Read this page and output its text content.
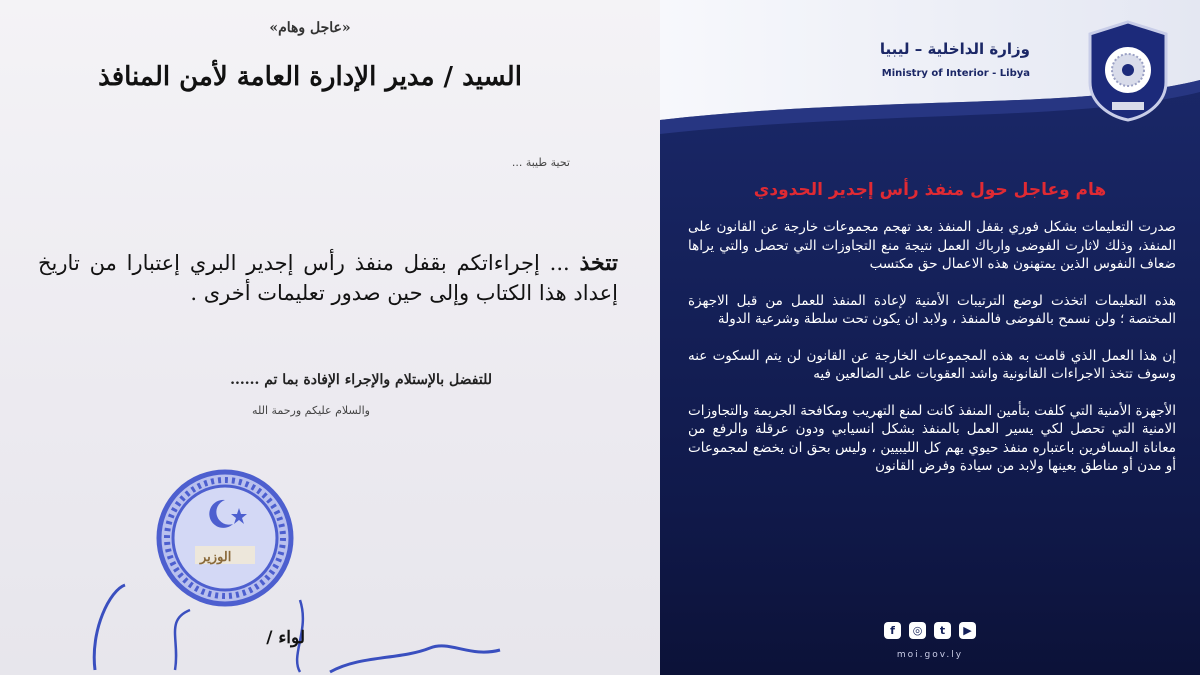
«عاجل وهام»
السيد / مدير الإدارة العامة لأمن المنافذ
تحية طيبة ...
تتخذ ... إجراءاتكم بقفل منفذ رأس إجدير البري إعتبارا من تاريخ إعداد هذا الكتاب وإلى حين صدور تعليمات أخرى .
للتفضل بالإستلام والإجراء الإفادة بما تم ......
والسلام عليكم ورحمة الله
الوزير
لواء /
وزارة الداخلية – ليبيا
Ministry of Interior - Libya
هام وعاجل حول منفذ رأس إجدير الحدودي

صدرت التعليمات بشكل فوري بقفل المنفذ بعد تهجم مجموعات خارجة عن القانون على المنفذ، وذلك لاثارت الفوضى وارباك العمل نتيجة منع التجاوزات التي تحصل والتي يراها ضعاف النفوس الذين يمتهنون هذه الاعمال حق مكتسب

هذه التعليمات اتخذت لوضع الترتيبات الأمنية لإعادة المنفذ للعمل من قبل الاجهزة المختصة ؛ ولن نسمح بالفوضى فالمنفذ ، ولابد ان يكون تحت سلطة وشرعية الدولة

إن هذا العمل الذي قامت به هذه المجموعات الخارجة عن القانون لن يتم السكوت عنه وسوف تتخذ الاجراءات القانونية واشد العقوبات على الضالعين فيه

الأجهزة الأمنية التي كلفت بتأمين المنفذ كانت لمنع التهريب ومكافحة الجريمة والتجاوزات الامنية التي تحصل لكي يسير العمل بالمنفذ بشكل انسيابي ودون عرقلة والرفع من معاناة المسافرين باعتباره منفذ حيوي يهم كل الليبيين ، وليس بحق ان يخضع لمجموعات أو مدن أو مناطق بعينها ولابد من سيادة وفرض القانون

f	◎	t	▶
moi.gov.ly
